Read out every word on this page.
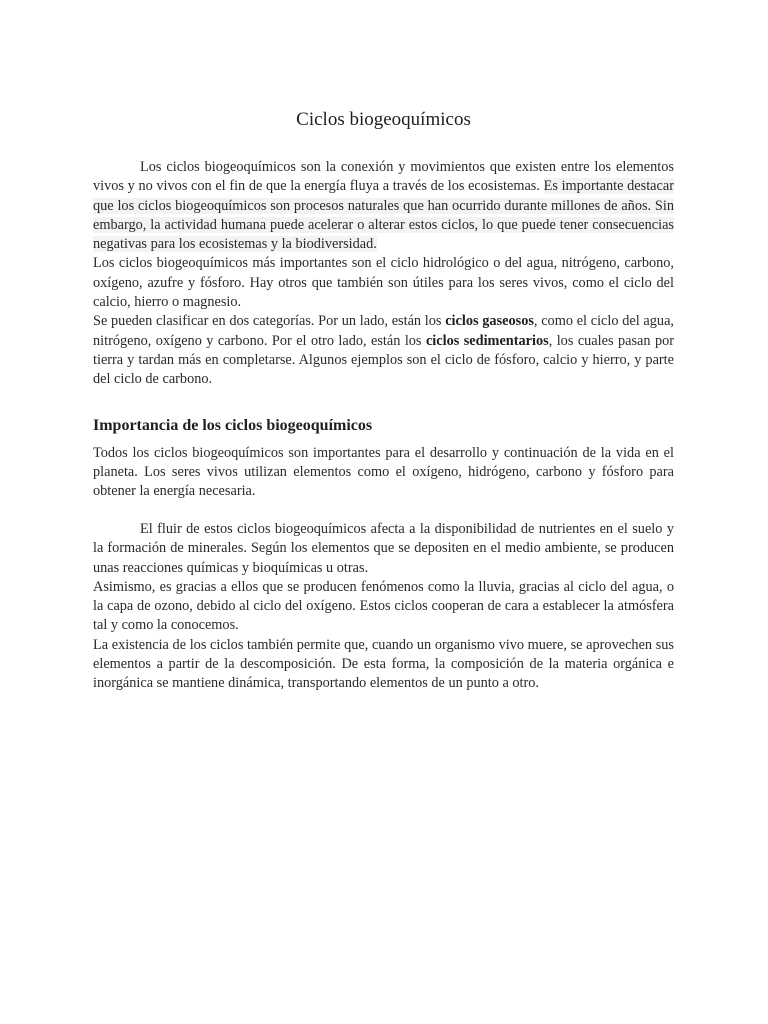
Ciclos biogeoquímicos

Los ciclos biogeoquímicos son la conexión y movimientos que existen entre los elementos vivos y no vivos con el fin de que la energía fluya a través de los ecosistemas. Es importante destacar que los ciclos biogeoquímicos son procesos naturales que han ocurrido durante millones de años. Sin embargo, la actividad humana puede acelerar o alterar estos ciclos, lo que puede tener consecuencias negativas para los ecosistemas y la biodiversidad.

Los ciclos biogeoquímicos más importantes son el ciclo hidrológico o del agua, nitrógeno, carbono, oxígeno, azufre y fósforo. Hay otros que también son útiles para los seres vivos, como el ciclo del calcio, hierro o magnesio.

Se pueden clasificar en dos categorías. Por un lado, están los ciclos gaseosos, como el ciclo del agua, nitrógeno, oxígeno y carbono. Por el otro lado, están los ciclos sedimentarios, los cuales pasan por tierra y tardan más en completarse. Algunos ejemplos son el ciclo de fósforo, calcio y hierro, y parte del ciclo de carbono.

Importancia de los ciclos biogeoquímicos

Todos los ciclos biogeoquímicos son importantes para el desarrollo y continuación de la vida en el planeta. Los seres vivos utilizan elementos como el oxígeno, hidrógeno, carbono y fósforo para obtener la energía necesaria.

El fluir de estos ciclos biogeoquímicos afecta a la disponibilidad de nutrientes en el suelo y la formación de minerales. Según los elementos que se depositen en el medio ambiente, se producen unas reacciones químicas y bioquímicas u otras.

Asimismo, es gracias a ellos que se producen fenómenos como la lluvia, gracias al ciclo del agua, o la capa de ozono, debido al ciclo del oxígeno. Estos ciclos cooperan de cara a establecer la atmósfera tal y como la conocemos.

La existencia de los ciclos también permite que, cuando un organismo vivo muere, se aprovechen sus elementos a partir de la descomposición. De esta forma, la composición de la materia orgánica e inorgánica se mantiene dinámica, transportando elementos de un punto a otro.
